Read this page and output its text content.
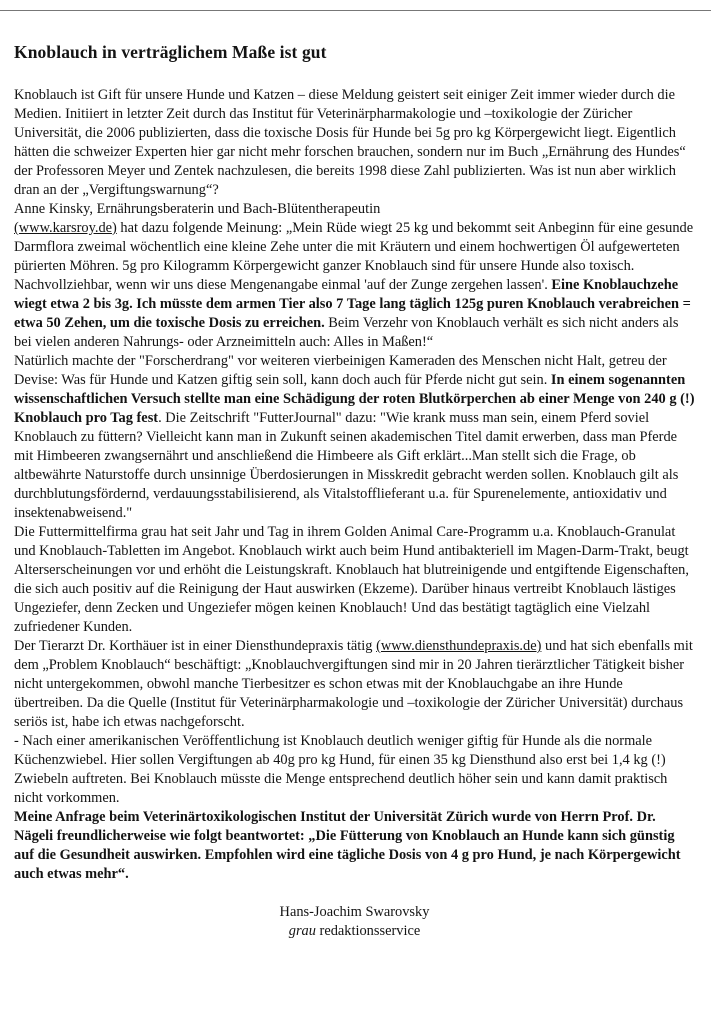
Knoblauch in verträglichem Maße ist gut

Knoblauch ist Gift für unsere Hunde und Katzen – diese Meldung geistert seit einiger Zeit immer wieder durch die Medien. Initiiert in letzter Zeit durch das Institut für Veterinärpharmakologie und –toxikologie der Züricher Universität, die 2006 publizierten, dass die toxische Dosis für Hunde bei 5g pro kg Körpergewicht liegt. Eigentlich hätten die schweizer Experten hier gar nicht mehr forschen brauchen, sondern nur im Buch „Ernährung des Hundes“ der Professoren Meyer und Zentek nachzulesen, die bereits 1998 diese Zahl publizierten. Was ist nun aber wirklich dran an der „Vergiftungswarnung“?

Anne Kinsky, Ernährungsberaterin und Bach-Blütentherapeutin

(www.karsroy.de) hat dazu folgende Meinung: „Mein Rüde wiegt 25 kg und bekommt seit Anbeginn für eine gesunde Darmflora zweimal wöchentlich eine kleine Zehe unter die mit Kräutern und einem hochwertigen Öl aufgewerteten pürierten Möhren. 5g pro Kilogramm Körpergewicht ganzer Knoblauch sind für unsere Hunde also toxisch. Nachvollziehbar, wenn wir uns diese Mengenangabe einmal 'auf der Zunge zergehen lassen'. Eine Knoblauchzehe wiegt etwa 2 bis 3g. Ich müsste dem armen Tier also 7 Tage lang täglich 125g puren Knoblauch verabreichen = etwa 50 Zehen, um die toxische Dosis zu erreichen. Beim Verzehr von Knoblauch verhält es sich nicht anders als bei vielen anderen Nahrungs- oder Arzneimitteln auch: Alles in Maßen!“

Natürlich machte der "Forscherdrang" vor weiteren vierbeinigen Kameraden des Menschen nicht Halt, getreu der Devise: Was für Hunde und Katzen giftig sein soll, kann doch auch für Pferde nicht gut sein. In einem sogenannten wissenschaftlichen Versuch stellte man eine Schädigung der roten Blutkörperchen ab einer Menge von 240 g (!) Knoblauch pro Tag fest. Die Zeitschrift "FutterJournal" dazu: "Wie krank muss man sein, einem Pferd soviel Knoblauch zu füttern? Vielleicht kann man in Zukunft seinen akademischen Titel damit erwerben, dass man Pferde mit Himbeeren zwangsernährt und anschließend die Himbeere als Gift erklärt...Man stellt sich die Frage, ob altbewährte Naturstoffe durch unsinnige Überdosierungen in Misskredit gebracht werden sollen. Knoblauch gilt als durchblutungsfördernd, verdauungsstabilisierend, als Vitalstofflieferant u.a. für Spurenelemente, antioxidativ und insektenabweisend."

Die Futtermittelfirma grau hat seit Jahr und Tag in ihrem Golden Animal Care-Programm u.a. Knoblauch-Granulat und Knoblauch-Tabletten im Angebot. Knoblauch wirkt auch beim Hund antibakteriell im Magen-Darm-Trakt, beugt Alterserscheinungen vor und erhöht die Leistungskraft. Knoblauch hat blutreinigende und entgiftende Eigenschaften, die sich auch positiv auf die Reinigung der Haut auswirken (Ekzeme). Darüber hinaus vertreibt Knoblauch lästiges Ungeziefer, denn Zecken und Ungeziefer mögen keinen Knoblauch! Und das bestätigt tagtäglich eine Vielzahl zufriedener Kunden.

Der Tierarzt Dr. Korthäuer ist in einer Diensthundepraxis tätig (www.diensthundepraxis.de) und hat sich ebenfalls mit dem „Problem Knoblauch“ beschäftigt: „Knoblauchvergiftungen sind mir in 20 Jahren tierärztlicher Tätigkeit bisher nicht untergekommen, obwohl manche Tierbesitzer es schon etwas mit der Knoblauchgabe an ihre Hunde übertreiben. Da die Quelle (Institut für Veterinärpharmakologie und –toxikologie der Züricher Universität) durchaus seriös ist, habe ich etwas nachgeforscht.

- Nach einer amerikanischen Veröffentlichung ist Knoblauch deutlich weniger giftig für Hunde als die normale Küchenzwiebel. Hier sollen Vergiftungen ab 40g pro kg Hund, für einen 35 kg Diensthund also erst bei 1,4 kg (!) Zwiebeln auftreten. Bei Knoblauch müsste die Menge entsprechend deutlich höher sein und kann damit praktisch nicht vorkommen.

Meine Anfrage beim Veterinärtoxikologischen Institut der Universität Zürich wurde von Herrn Prof. Dr. Nägeli freundlicherweise wie folgt beantwortet: „Die Fütterung von Knoblauch an Hunde kann sich günstig auf die Gesundheit auswirken. Empfohlen wird eine tägliche Dosis von 4 g pro Hund, je nach Körpergewicht auch etwas mehr“.

Hans-Joachim Swarovsky
grau redaktionsservice
